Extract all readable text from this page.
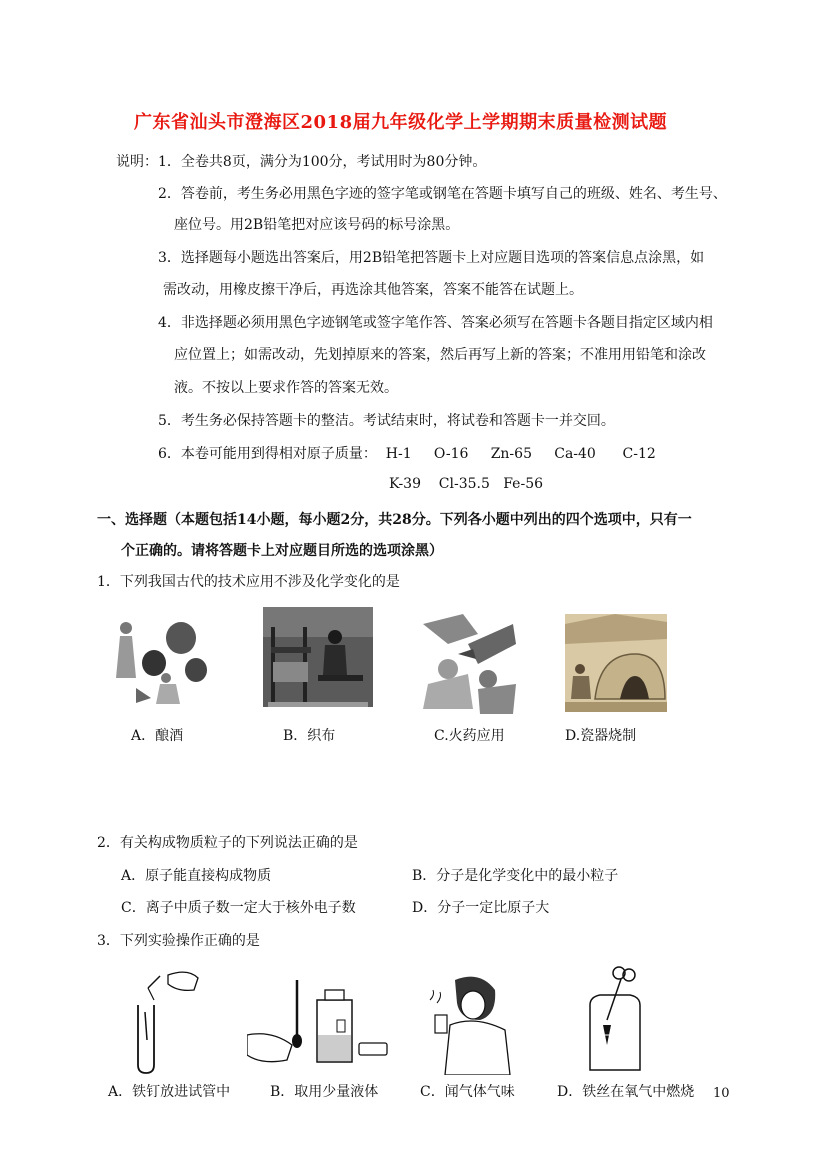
广东省汕头市澄海区2018届九年级化学上学期期末质量检测试题
说明： 1．全卷共8页，满分为100分，考试用时为80分钟。
2．答卷前，考生务必用黑色字迹的签字笔或钢笔在答题卡填写自己的班级、姓名、考生号、
座位号。用2B铅笔把对应该号码的标号涂黑。
3．选择题每小题选出答案后，用2B铅笔把答题卡上对应题目选项的答案信息点涂黑，如
需改动，用橡皮擦干净后，再选涂其他答案，答案不能答在试题上。
4．非选择题必须用黑色字迹钢笔或签字笔作答、答案必须写在答题卡各题目指定区域内相
应位置上；如需改动，先划掉原来的答案，然后再写上新的答案；不准用用铅笔和涂改
液。不按以上要求作答的答案无效。
5．考生务必保持答题卡的整洁。考试结束时，将试卷和答题卡一并交回。
6．本卷可能用到得相对原子质量：  H-1     O-16     Zn-65     Ca-40      C-12
K-39    Cl-35.5   Fe-56
一、选择题（本题包括14小题，每小题2分，共28分。下列各小题中列出的四个选项中，只有一
个正确的。请将答题卡上对应题目所选的选项涂黑）
1．下列我国古代的技术应用不涉及化学变化的是
A．酿酒	B．织布	C.火药应用	D.瓷器烧制
2．有关构成物质粒子的下列说法正确的是
A．原子能直接构成物质	B．分子是化学变化中的最小粒子
C．离子中质子数一定大于核外电子数	D．分子一定比原子大
3．下列实验操作正确的是
A．铁钉放进试管中	B．取用少量液体	C．闻气体气味	D．铁丝在氧气中燃烧 10
